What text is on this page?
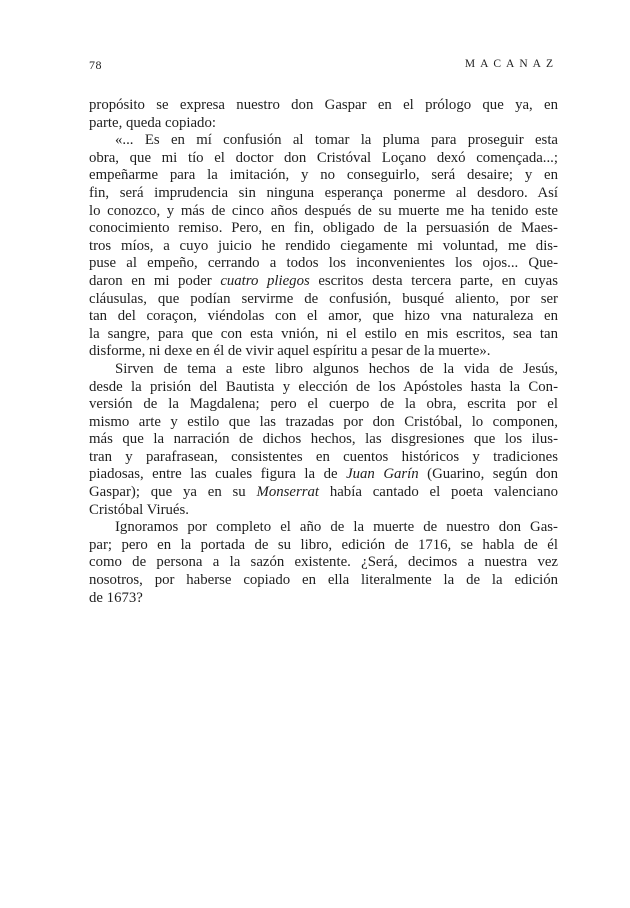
78	MACANAZ
propósito se expresa nuestro don Gaspar en el prólogo que ya, en
parte, queda copiado:
«... Es en mí confusión al tomar la pluma para proseguir esta
obra, que mi tío el doctor don Cristóval Loçano dexó començada...;
empeñarme para la imitación, y no conseguirlo, será desaire; y en
fin, será imprudencia sin ninguna esperança ponerme al desdoro. Así
lo conozco, y más de cinco años después de su muerte me ha tenido este
conocimiento remiso. Pero, en fin, obligado de la persuasión de Maes-
tros míos, a cuyo juicio he rendido ciegamente mi voluntad, me dis-
puse al empeño, cerrando a todos los inconvenientes los ojos... Que-
daron en mi poder cuatro pliegos escritos desta tercera parte, en cuyas
cláusulas, que podían servirme de confusión, busqué aliento, por ser
tan del coraçon, viéndolas con el amor, que hizo vna naturaleza en
la sangre, para que con esta vnión, ni el estilo en mis escritos, sea tan
disforme, ni dexe en él de vivir aquel espíritu a pesar de la muerte».
Sirven de tema a este libro algunos hechos de la vida de Jesús,
desde la prisión del Bautista y elección de los Apóstoles hasta la Con-
versión de la Magdalena; pero el cuerpo de la obra, escrita por el
mismo arte y estilo que las trazadas por don Cristóbal, lo componen,
más que la narración de dichos hechos, las disgresiones que los ilus-
tran y parafrasean, consistentes en cuentos históricos y tradiciones
piadosas, entre las cuales figura la de Juan Garín (Guarino, según don
Gaspar); que ya en su Monserrat había cantado el poeta valenciano
Cristóbal Virués.
Ignoramos por completo el año de la muerte de nuestro don Gas-
par; pero en la portada de su libro, edición de 1716, se habla de él
como de persona a la sazón existente. ¿Será, decimos a nuestra vez
nosotros, por haberse copiado en ella literalmente la de la edición
de 1673?
